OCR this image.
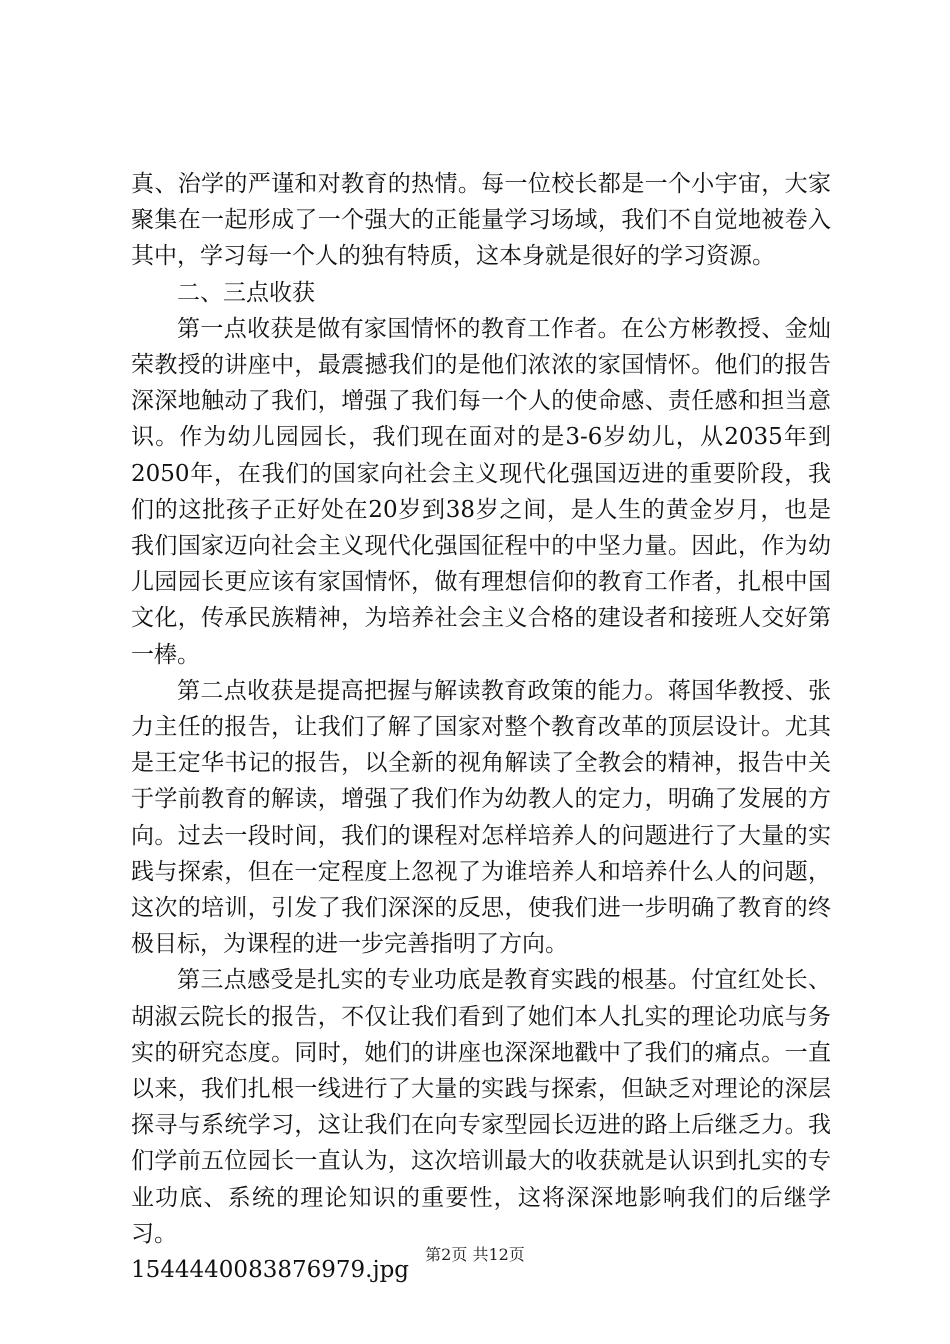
真、治学的严谨和对教育的热情。每一位校长都是一个小宇宙，大家聚集在一起形成了一个强大的正能量学习场域，我们不自觉地被卷入其中，学习每一个人的独有特质，这本身就是很好的学习资源。

二、三点收获

第一点收获是做有家国情怀的教育工作者。在公方彬教授、金灿荣教授的讲座中，最震撼我们的是他们浓浓的家国情怀。他们的报告深深地触动了我们，增强了我们每一个人的使命感、责任感和担当意识。作为幼儿园园长，我们现在面对的是3-6岁幼儿，从2035年到2050年，在我们的国家向社会主义现代化强国迈进的重要阶段，我们的这批孩子正好处在20岁到38岁之间，是人生的黄金岁月，也是我们国家迈向社会主义现代化强国征程中的中坚力量。因此，作为幼儿园园长更应该有家国情怀，做有理想信仰的教育工作者，扎根中国文化，传承民族精神，为培养社会主义合格的建设者和接班人交好第一棒。

第二点收获是提高把握与解读教育政策的能力。蒋国华教授、张力主任的报告，让我们了解了国家对整个教育改革的顶层设计。尤其是王定华书记的报告，以全新的视角解读了全教会的精神，报告中关于学前教育的解读，增强了我们作为幼教人的定力，明确了发展的方向。过去一段时间，我们的课程对怎样培养人的问题进行了大量的实践与探索，但在一定程度上忽视了为谁培养人和培养什么人的问题，这次的培训，引发了我们深深的反思，使我们进一步明确了教育的终极目标，为课程的进一步完善指明了方向。

第三点感受是扎实的专业功底是教育实践的根基。付宜红处长、胡淑云院长的报告，不仅让我们看到了她们本人扎实的理论功底与务实的研究态度。同时，她们的讲座也深深地戳中了我们的痛点。一直以来，我们扎根一线进行了大量的实践与探索，但缺乏对理论的深层探寻与系统学习，这让我们在向专家型园长迈进的路上后继乏力。我们学前五位园长一直认为，这次培训最大的收获就是认识到扎实的专业功底、系统的理论知识的重要性，这将深深地影响我们的后继学习。

1544440083876979.jpg

第2页 共12页
